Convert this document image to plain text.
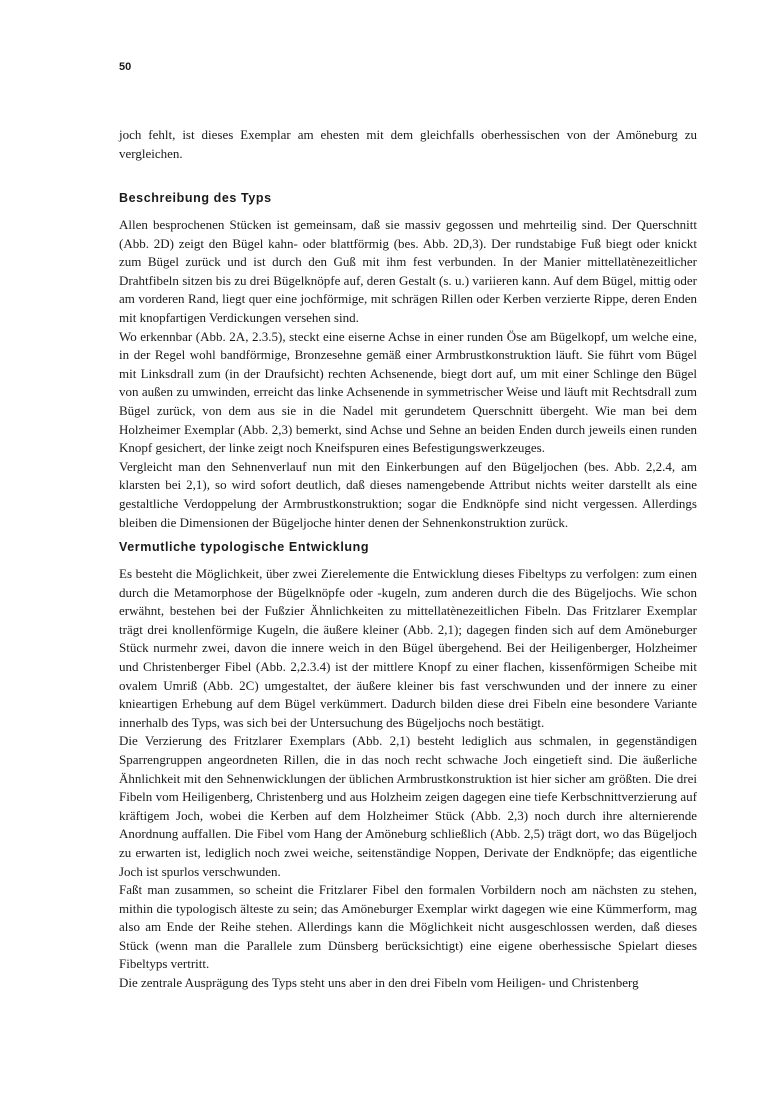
50

joch fehlt, ist dieses Exemplar am ehesten mit dem gleichfalls oberhessischen von der Amöneburg zu vergleichen.

Beschreibung des Typs

Allen besprochenen Stücken ist gemeinsam, daß sie massiv gegossen und mehrteilig sind. Der Querschnitt (Abb. 2D) zeigt den Bügel kahn- oder blattförmig (bes. Abb. 2D,3). Der rundstabige Fuß biegt oder knickt zum Bügel zurück und ist durch den Guß mit ihm fest verbunden. In der Manier mittellatènezeitlicher Drahtfibeln sitzen bis zu drei Bügelknöpfe auf, deren Gestalt (s. u.) variieren kann. Auf dem Bügel, mittig oder am vorderen Rand, liegt quer eine jochförmige, mit schrägen Rillen oder Kerben verzierte Rippe, deren Enden mit knopfartigen Verdickungen versehen sind.

Wo erkennbar (Abb. 2A, 2.3.5), steckt eine eiserne Achse in einer runden Öse am Bügelkopf, um welche eine, in der Regel wohl bandförmige, Bronzesehne gemäß einer Armbrustkonstruktion läuft. Sie führt vom Bügel mit Linksdrall zum (in der Draufsicht) rechten Achsenende, biegt dort auf, um mit einer Schlinge den Bügel von außen zu umwinden, erreicht das linke Achsenende in symmetrischer Weise und läuft mit Rechtsdrall zum Bügel zurück, von dem aus sie in die Nadel mit gerundetem Querschnitt übergeht. Wie man bei dem Holzheimer Exemplar (Abb. 2,3) bemerkt, sind Achse und Sehne an beiden Enden durch jeweils einen runden Knopf gesichert, der linke zeigt noch Kneifspuren eines Befestigungswerkzeuges.

Vergleicht man den Sehnenverlauf nun mit den Einkerbungen auf den Bügeljochen (bes. Abb. 2,2.4, am klarsten bei 2,1), so wird sofort deutlich, daß dieses namengebende Attribut nichts weiter darstellt als eine gestaltliche Verdoppelung der Armbrustkonstruktion; sogar die Endknöpfe sind nicht vergessen. Allerdings bleiben die Dimensionen der Bügeljoche hinter denen der Sehnenkonstruktion zurück.

Vermutliche typologische Entwicklung

Es besteht die Möglichkeit, über zwei Zierelemente die Entwicklung dieses Fibeltyps zu verfolgen: zum einen durch die Metamorphose der Bügelknöpfe oder -kugeln, zum anderen durch die des Bügeljochs. Wie schon erwähnt, bestehen bei der Fußzier Ähnlichkeiten zu mittellatènezeitlichen Fibeln. Das Fritzlarer Exemplar trägt drei knollenförmige Kugeln, die äußere kleiner (Abb. 2,1); dagegen finden sich auf dem Amöneburger Stück nurmehr zwei, davon die innere weich in den Bügel übergehend. Bei der Heiligenberger, Holzheimer und Christenberger Fibel (Abb. 2,2.3.4) ist der mittlere Knopf zu einer flachen, kissenförmigen Scheibe mit ovalem Umriß (Abb. 2C) umgestaltet, der äußere kleiner bis fast verschwunden und der innere zu einer knieartigen Erhebung auf dem Bügel verkümmert. Dadurch bilden diese drei Fibeln eine besondere Variante innerhalb des Typs, was sich bei der Untersuchung des Bügeljochs noch bestätigt.

Die Verzierung des Fritzlarer Exemplars (Abb. 2,1) besteht lediglich aus schmalen, in gegenständigen Sparrengruppen angeordneten Rillen, die in das noch recht schwache Joch eingetieft sind. Die äußerliche Ähnlichkeit mit den Sehnenwicklungen der üblichen Armbrustkonstruktion ist hier sicher am größten. Die drei Fibeln vom Heiligenberg, Christenberg und aus Holzheim zeigen dagegen eine tiefe Kerbschnittverzierung auf kräftigem Joch, wobei die Kerben auf dem Holzheimer Stück (Abb. 2,3) noch durch ihre alternierende Anordnung auffallen. Die Fibel vom Hang der Amöneburg schließlich (Abb. 2,5) trägt dort, wo das Bügeljoch zu erwarten ist, lediglich noch zwei weiche, seitenständige Noppen, Derivate der Endknöpfe; das eigentliche Joch ist spurlos verschwunden.

Faßt man zusammen, so scheint die Fritzlarer Fibel den formalen Vorbildern noch am nächsten zu stehen, mithin die typologisch älteste zu sein; das Amöneburger Exemplar wirkt dagegen wie eine Kümmerform, mag also am Ende der Reihe stehen. Allerdings kann die Möglichkeit nicht ausgeschlossen werden, daß dieses Stück (wenn man die Parallele zum Dünsberg berücksichtigt) eine eigene oberhessische Spielart dieses Fibeltyps vertritt.

Die zentrale Ausprägung des Typs steht uns aber in den drei Fibeln vom Heiligen- und Christenberg
